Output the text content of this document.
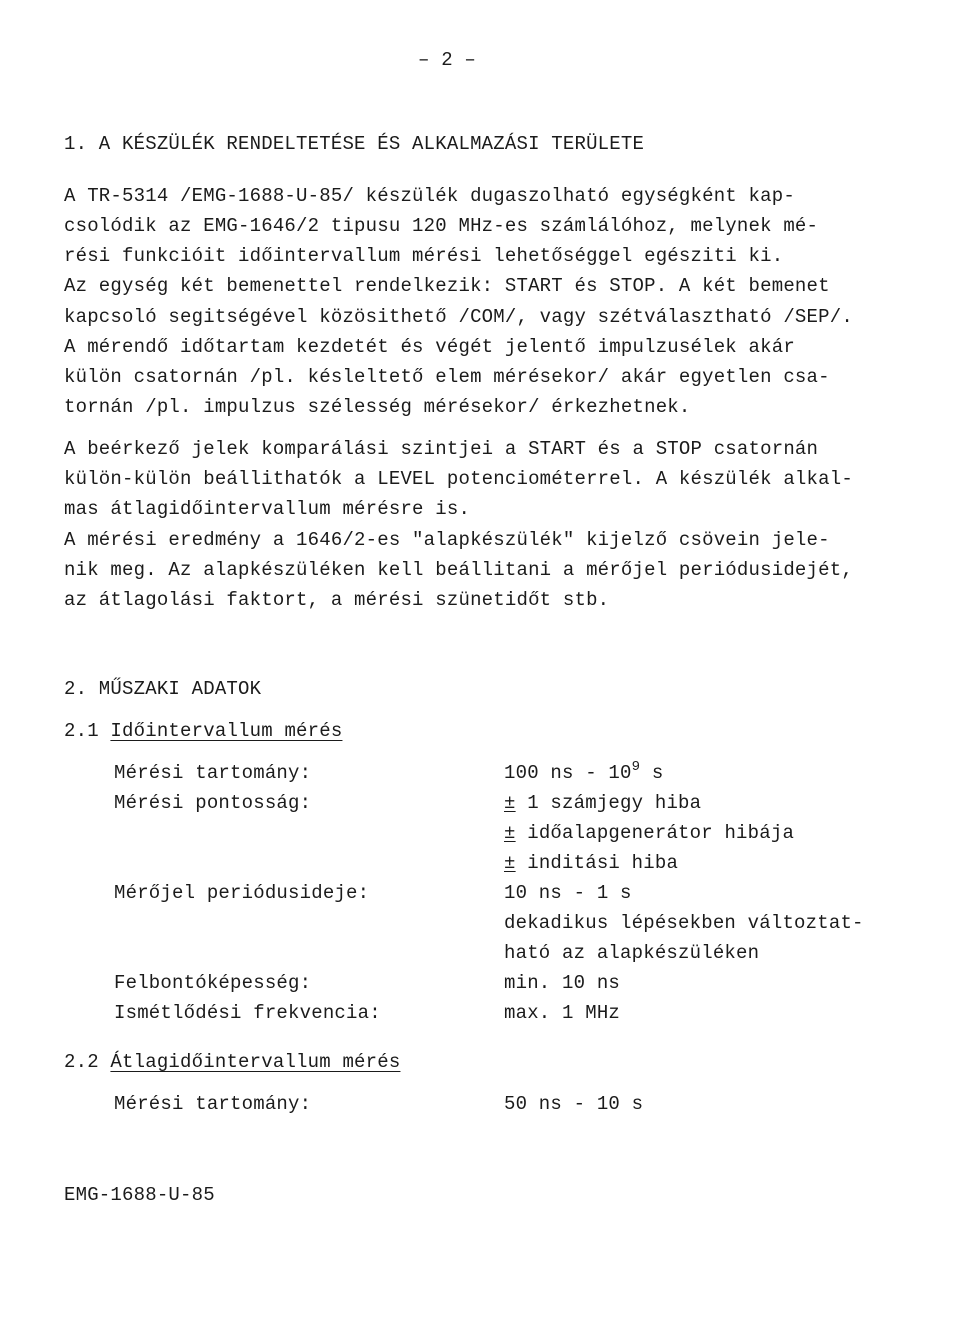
– 2 –
1. A KÉSZÜLÉK RENDELTETÉSE ÉS ALKALMAZÁSI TERÜLETE
A TR-5314 /EMG-1688-U-85/ készülék dugaszolható egységként kap-
csolódik az EMG-1646/2 tipusu 120 MHz-es számlálóhoz, melynek mé-
rési funkcióit időintervallum mérési lehetőséggel egésziti ki.
Az egység két bemenettel rendelkezik: START és STOP. A két bemenet
kapcsoló segitségével közösithető /COM/, vagy szétválasztható /SEP/.
A mérendő időtartam kezdetét és végét jelentő impulzusélek akár
külön csatornán /pl. késleltető elem mérésekor/ akár egyetlen csa-
tornán /pl. impulzus szélesség mérésekor/ érkezhetnek.
A beérkező jelek komparálási szintjei a START és a STOP csatornán
külön-külön beállithatók a LEVEL potenciométerrel. A készülék alkal-
mas átlagidőintervallum mérésre is.
A mérési eredmény a 1646/2-es "alapkészülék" kijelző csövein jele-
nik meg. Az alapkészüléken kell beállitani a mérőjel periódusidejét,
az átlagolási faktort, a mérési szünetidőt stb.
2. MŰSZAKI ADATOK
2.1 Időintervallum mérés
Mérési tartomány:	100 ns - $10^9$ s
Mérési pontosság:	± 1 számjegy hiba
± időalapgenerátor hibája
± inditási hiba
Mérőjel periódusideje:	10 ns - 1 s
dekadikus lépésekben változtat-
ható az alapkészüléken
Felbontóképesség:	min. 10 ns
Ismétlődési frekvencia:	max. 1 MHz
2.2 Átlagidőintervallum mérés
Mérési tartomány:	50 ns - 10 s
EMG-1688-U-85
